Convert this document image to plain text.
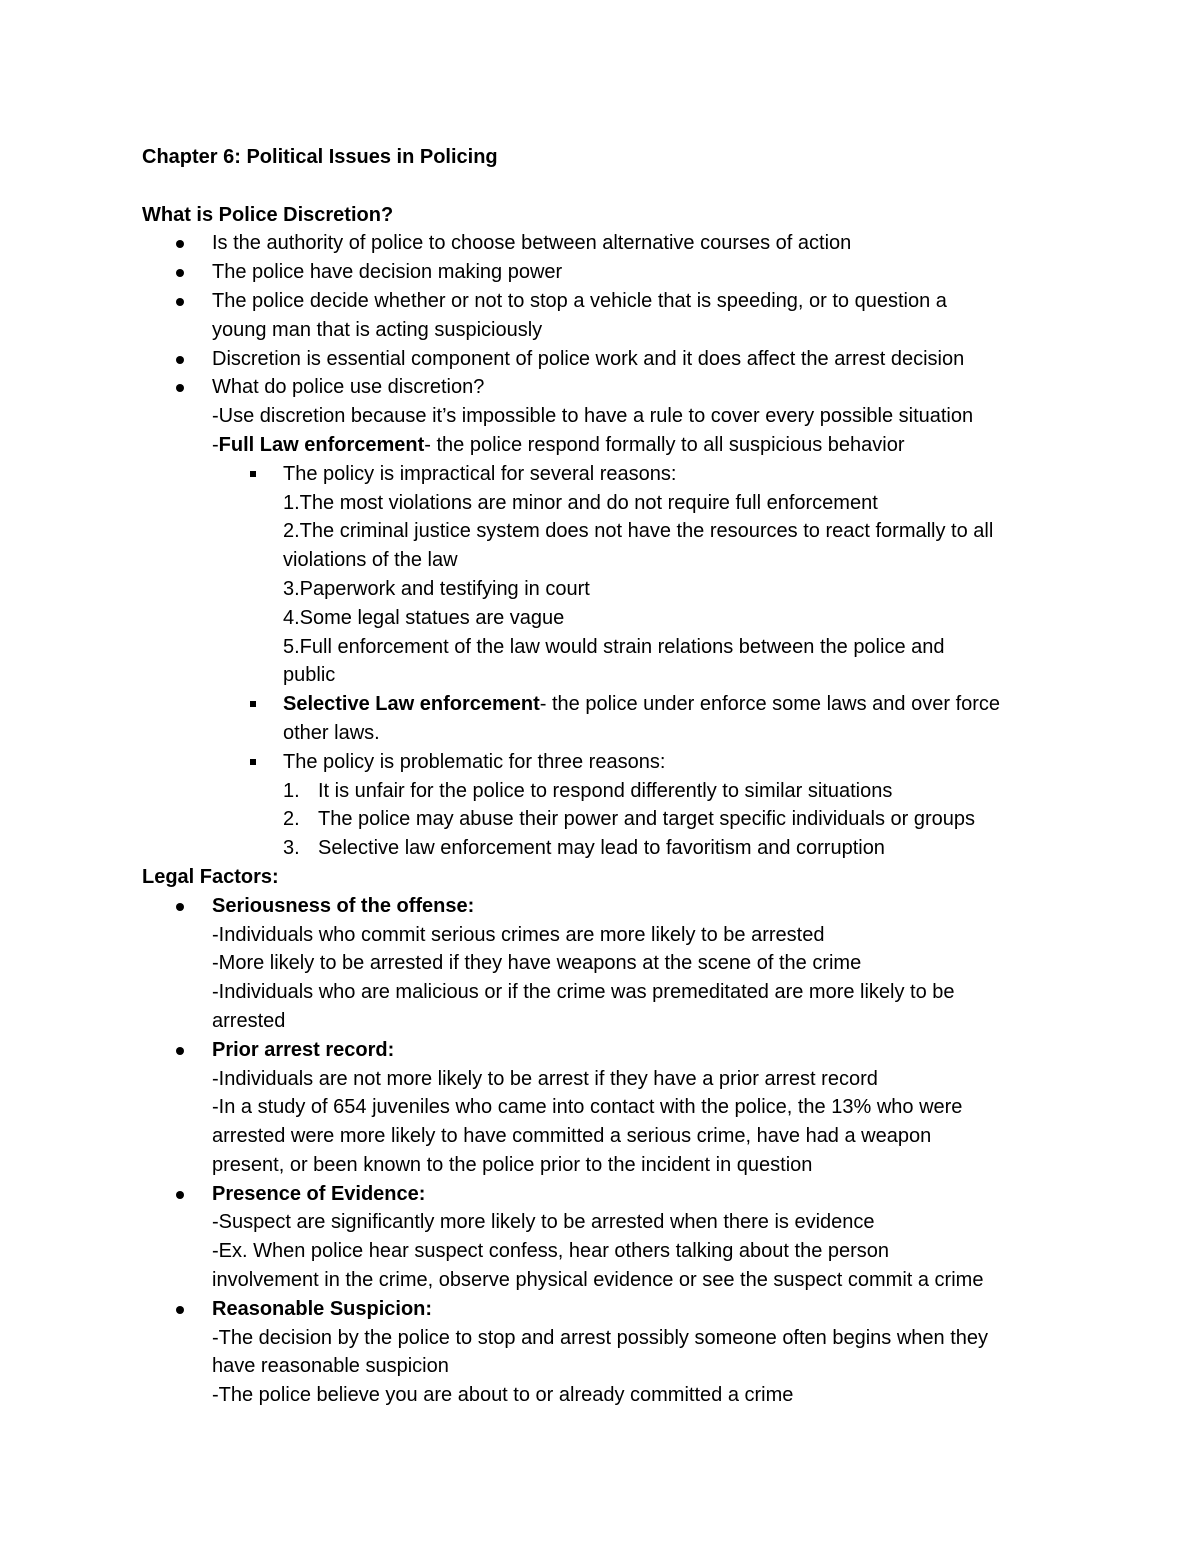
Chapter 6: Political Issues in Policing

What is Police Discretion?

Is the authority of police to choose between alternative courses of action

The police have decision making power

The police decide whether or not to stop a vehicle that is speeding, or to question a

young man that is acting suspiciously

Discretion is essential component of police work and it does affect the arrest decision

What do police use discretion?

-Use discretion because it’s impossible to have a rule to cover every possible situation

-Full Law enforcement- the police respond formally to all suspicious behavior

The policy is impractical for several reasons:

1.The most violations are minor and do not require full enforcement

2.The criminal justice system does not have the resources to react formally to all

violations of the law

3.Paperwork and testifying in court

4.Some legal statues are vague

5.Full enforcement of the law would strain relations between the police and

public

Selective Law enforcement- the police under enforce some laws and over force

other laws.

The policy is problematic for three reasons:

1. It is unfair for the police to respond differently to similar situations

2. The police may abuse their power and target specific individuals or groups

3. Selective law enforcement may lead to favoritism and corruption

Legal Factors:

Seriousness of the offense:

-Individuals who commit serious crimes are more likely to be arrested

-More likely to be arrested if they have weapons at the scene of the crime

-Individuals who are malicious or if the crime was premeditated are more likely to be

arrested

Prior arrest record:

-Individuals are not more likely to be arrest if they have a prior arrest record

-In a study of 654 juveniles who came into contact with the police, the 13% who were

arrested were more likely to have committed a serious crime, have had a weapon

present, or been known to the police prior to the incident in question

Presence of Evidence:

-Suspect are significantly more likely to be arrested when there is evidence

-Ex. When police hear suspect confess, hear others talking about the person

involvement in the crime, observe physical evidence or see the suspect commit a crime

Reasonable Suspicion:

-The decision by the police to stop and arrest possibly someone often begins when they

have reasonable suspicion

-The police believe you are about to or already committed a crime
